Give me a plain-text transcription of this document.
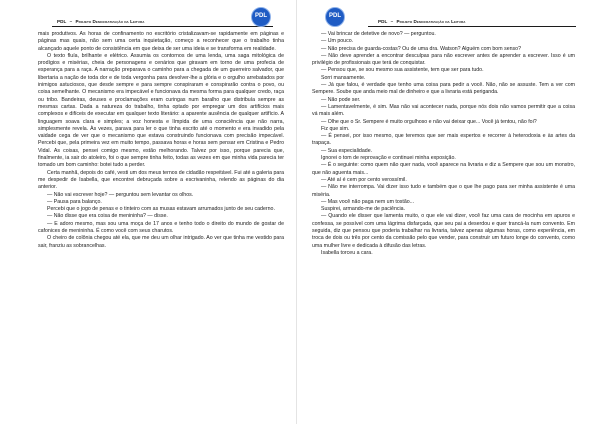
PDL – Projeto Democratização da Leitura
PDL

mais produtivos. As horas de confinamento no escritório cristalizavam-se rapidamente em páginas e páginas mas quais, não sem uma certa inquietação, começo a reconhecer que o trabalho tinha alcançado aquele ponto de consistência em que deixa de ser uma ideia e se transforma em realidade.

O texto fluía, brilhante e elétrico. Assumia os contornos de uma lenda, uma saga mitológica de prodígios e misérias, cheia de personagens e cenários que giravam em torno de uma profecia de esperança para a raça. A narração preparava o caminho para a chegada de um guerreiro salvador, que libertaria a nação de toda dor e de toda vergonha para devolver-lhe a glória e o orgulho arrebatados por inimigos astuciosos, que desde sempre e para sempre conspiraram e conspirarão contra o povo, ou coisa semelhante. O mecanismo era impecável e funcionava da mesma forma para qualquer credo, raça ou tribo. Bandeiras, deuses e proclamações eram curingas num baralho que distribuía sempre as mesmas cartas. Dada a natureza do trabalho, tinha optado por empregar um dos artifícios mais complexos e difíceis de executar em qualquer texto literário: a aparente ausência de qualquer artifício. A linguagem soava clara e simples; a voz honesta e límpida de uma consciência que não narra, simplesmente revela. Às vezes, parava para ler o que tinha escrito até o momento e era invadido pela vaidade cega de ver que o mecanismo que estava construindo funcionava com precisão impecável. Percebi que, pela primeira vez em muito tempo, passava horas e horas sem pensar em Cristina e Pedro Vidal. As coisas, pensei comigo mesmo, estão melhorando. Talvez por isso, porque parecia que, finalmente, ia sair do atoleiro, foi o que sempre tinha feito, todas as vezes em que minha vida parecia ter tomado um bom caminho: botei tudo a perder.

Certa manhã, depois do café, vesti um dos meus ternos de cidadão respeitável. Fui até a galeria para me despedir de Isabella, que encontrei debruçada sobre a escrivaninha, relendo as páginas do dia anterior.

— Não vai escrever hoje? — perguntou sem levantar os olhos.

— Pausa para balanço.

Percebi que o jogo de penas e o tinteiro com as musas estavam arrumados junto de seu caderno.

— Não disse que era coisa de menininha? — disse.

— E adoro mesmo, mas sou uma moça de 17 anos e tenho todo o direito do mundo de gostar de cafonices de menininha. É como você com seus charutos.

O cheiro de colônia chegou até ela, que me deu um olhar intrigado. Ao ver que tinha me vestido para sair, franziu as sobrancelhas.

PDL – Projeto Democratização da Leitura
PDL

— Vai brincar de detetive de novo? — perguntou.

— Um pouco.

— Não precisa de guarda-costas? Ou de uma dra. Watson? Alguém com bom senso?

— Não deve aprender a encontrar desculpas para não escrever antes de aprender a escrever. Isso é um privilégio de profissionais que terá de conquistar.

— Pensou que, se sou mesmo sua assistente, tem que ser para tudo.

Sorri mansamente.

— Já que falou, é verdade que tenho uma coisa para pedir a você. Não, não se assuste. Tem a ver com Sempere. Soube que anda meio mal de dinheiro e que a livraria está periganda.

— Não pode ser.

— Lamentavelmente, é sim. Mas não vai acontecer nada, porque nós dois não vamos permitir que a coisa vá mais além.

— Olhe que o Sr. Sempere é muito orgulhoso e não vai deixar que... Você já tentou, não foi?

Fiz que sim.

— É pensei, por isso mesmo, que teremos que ser mais espertos e recorrer à heterodoxia e às artes da trapaça.

— Sua especialidade.

Ignorei o tom de reprovação e continuei minha exposição.

— É o seguinte: como quem não quer nada, você aparece na livraria e diz a Sempere que sou um monstro, que não aguenta mais...

— Até aí é cem por cento verossímil.

— Não me interrompa. Vai dizer isso tudo e também que o que lhe pago para ser minha assistente é uma miséria.

— Mas você não paga nem um tostão...

Suspirei, armando-me de paciência.

— Quando ele disser que lamenta muito, o que ele vai dizer, você faz uma cara de mocinha em apuros e confessa, se possível com uma lágrima disfarçada, que seu pai a deserdou e quer trancá-la num convento. Em seguida, diz que pensou que poderia trabalhar na livraria, talvez apenas algumas horas, como experiência, em troca de dois ou três por cento da comissão pelo que vender, para construir um futuro longe do convento, como uma mulher livre e dedicada à difusão das letras.

Isabella torceu a cara.
